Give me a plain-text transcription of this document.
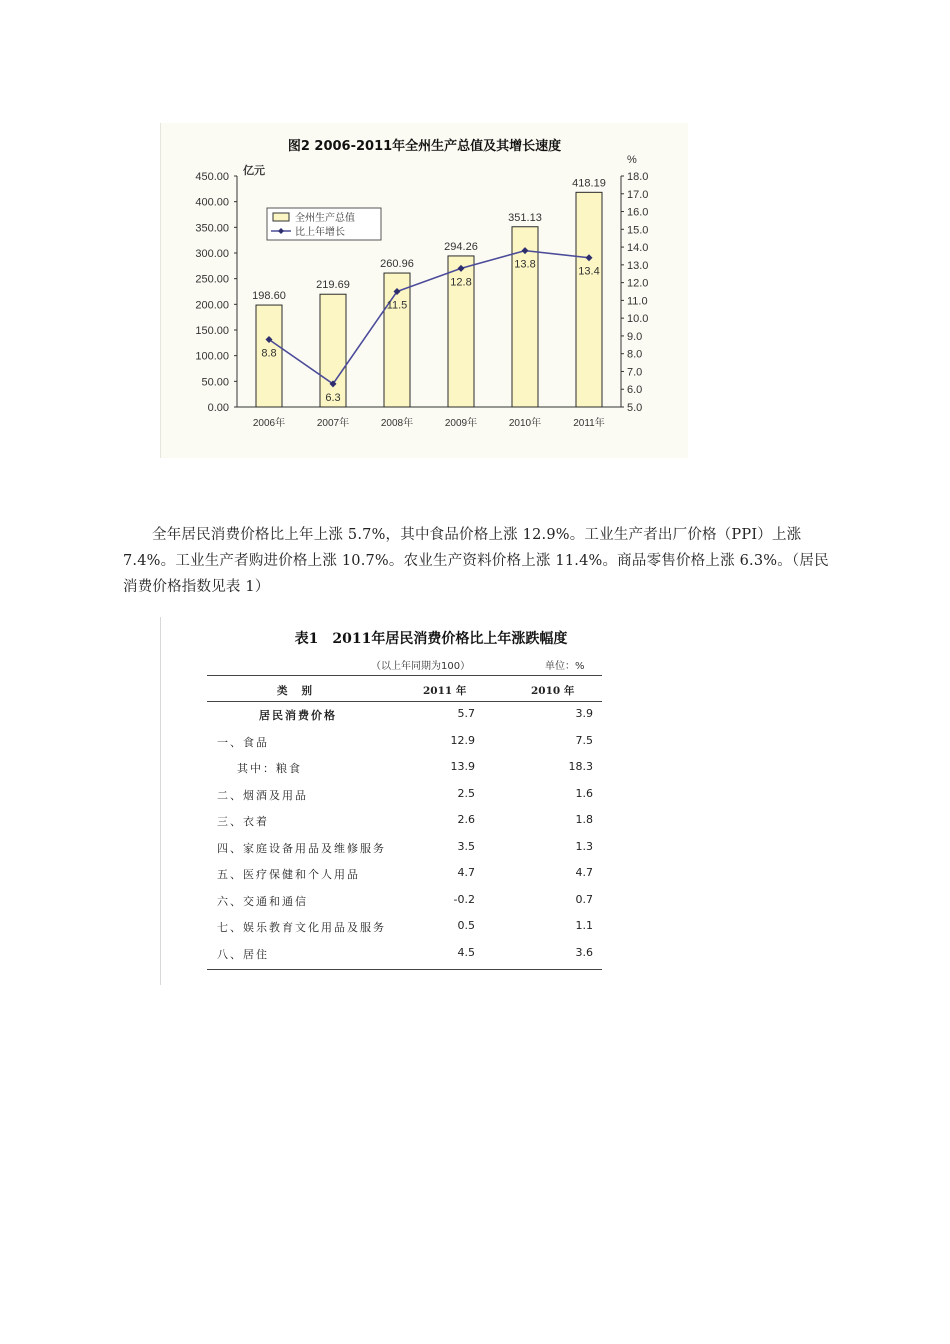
图2 2006-2011年全州生产总值及其增长速度
0.00
50.00
100.00
150.00
200.00
250.00
300.00
350.00
400.00
450.00
5.0
6.0
7.0
8.0
9.0
10.0
11.0
12.0
13.0
14.0
15.0
16.0
17.0
18.0
亿元
%
198.60
219.69
260.96
294.26
351.13
418.19
2006年	2007年	2008年	2009年	2010年	2011年
8.8
6.3
11.5
12.8
13.8
13.4
全州生产总值
比上年增长

全年居民消费价格比上年上涨 5.7%，其中食品价格上涨 12.9%。工业生产者出厂价格（PPI）上涨 7.4%。工业生产者购进价格上涨 10.7%。农业生产资料价格上涨 11.4%。商品零售价格上涨 6.3%。（居民消费价格指数见表 1）

表1　2011年居民消费价格比上年涨跌幅度
（以上年同期为100）	单位：%
类别	2011 年	2010 年
居民消费价格	5.7	3.9
一、食品	12.9	7.5
其中：粮食	13.9	18.3
二、烟酒及用品	2.5	1.6
三、衣着	2.6	1.8
四、家庭设备用品及维修服务	3.5	1.3
五、医疗保健和个人用品	4.7	4.7
六、交通和通信	-0.2	0.7
七、娱乐教育文化用品及服务	0.5	1.1
八、居住	4.5	3.6
